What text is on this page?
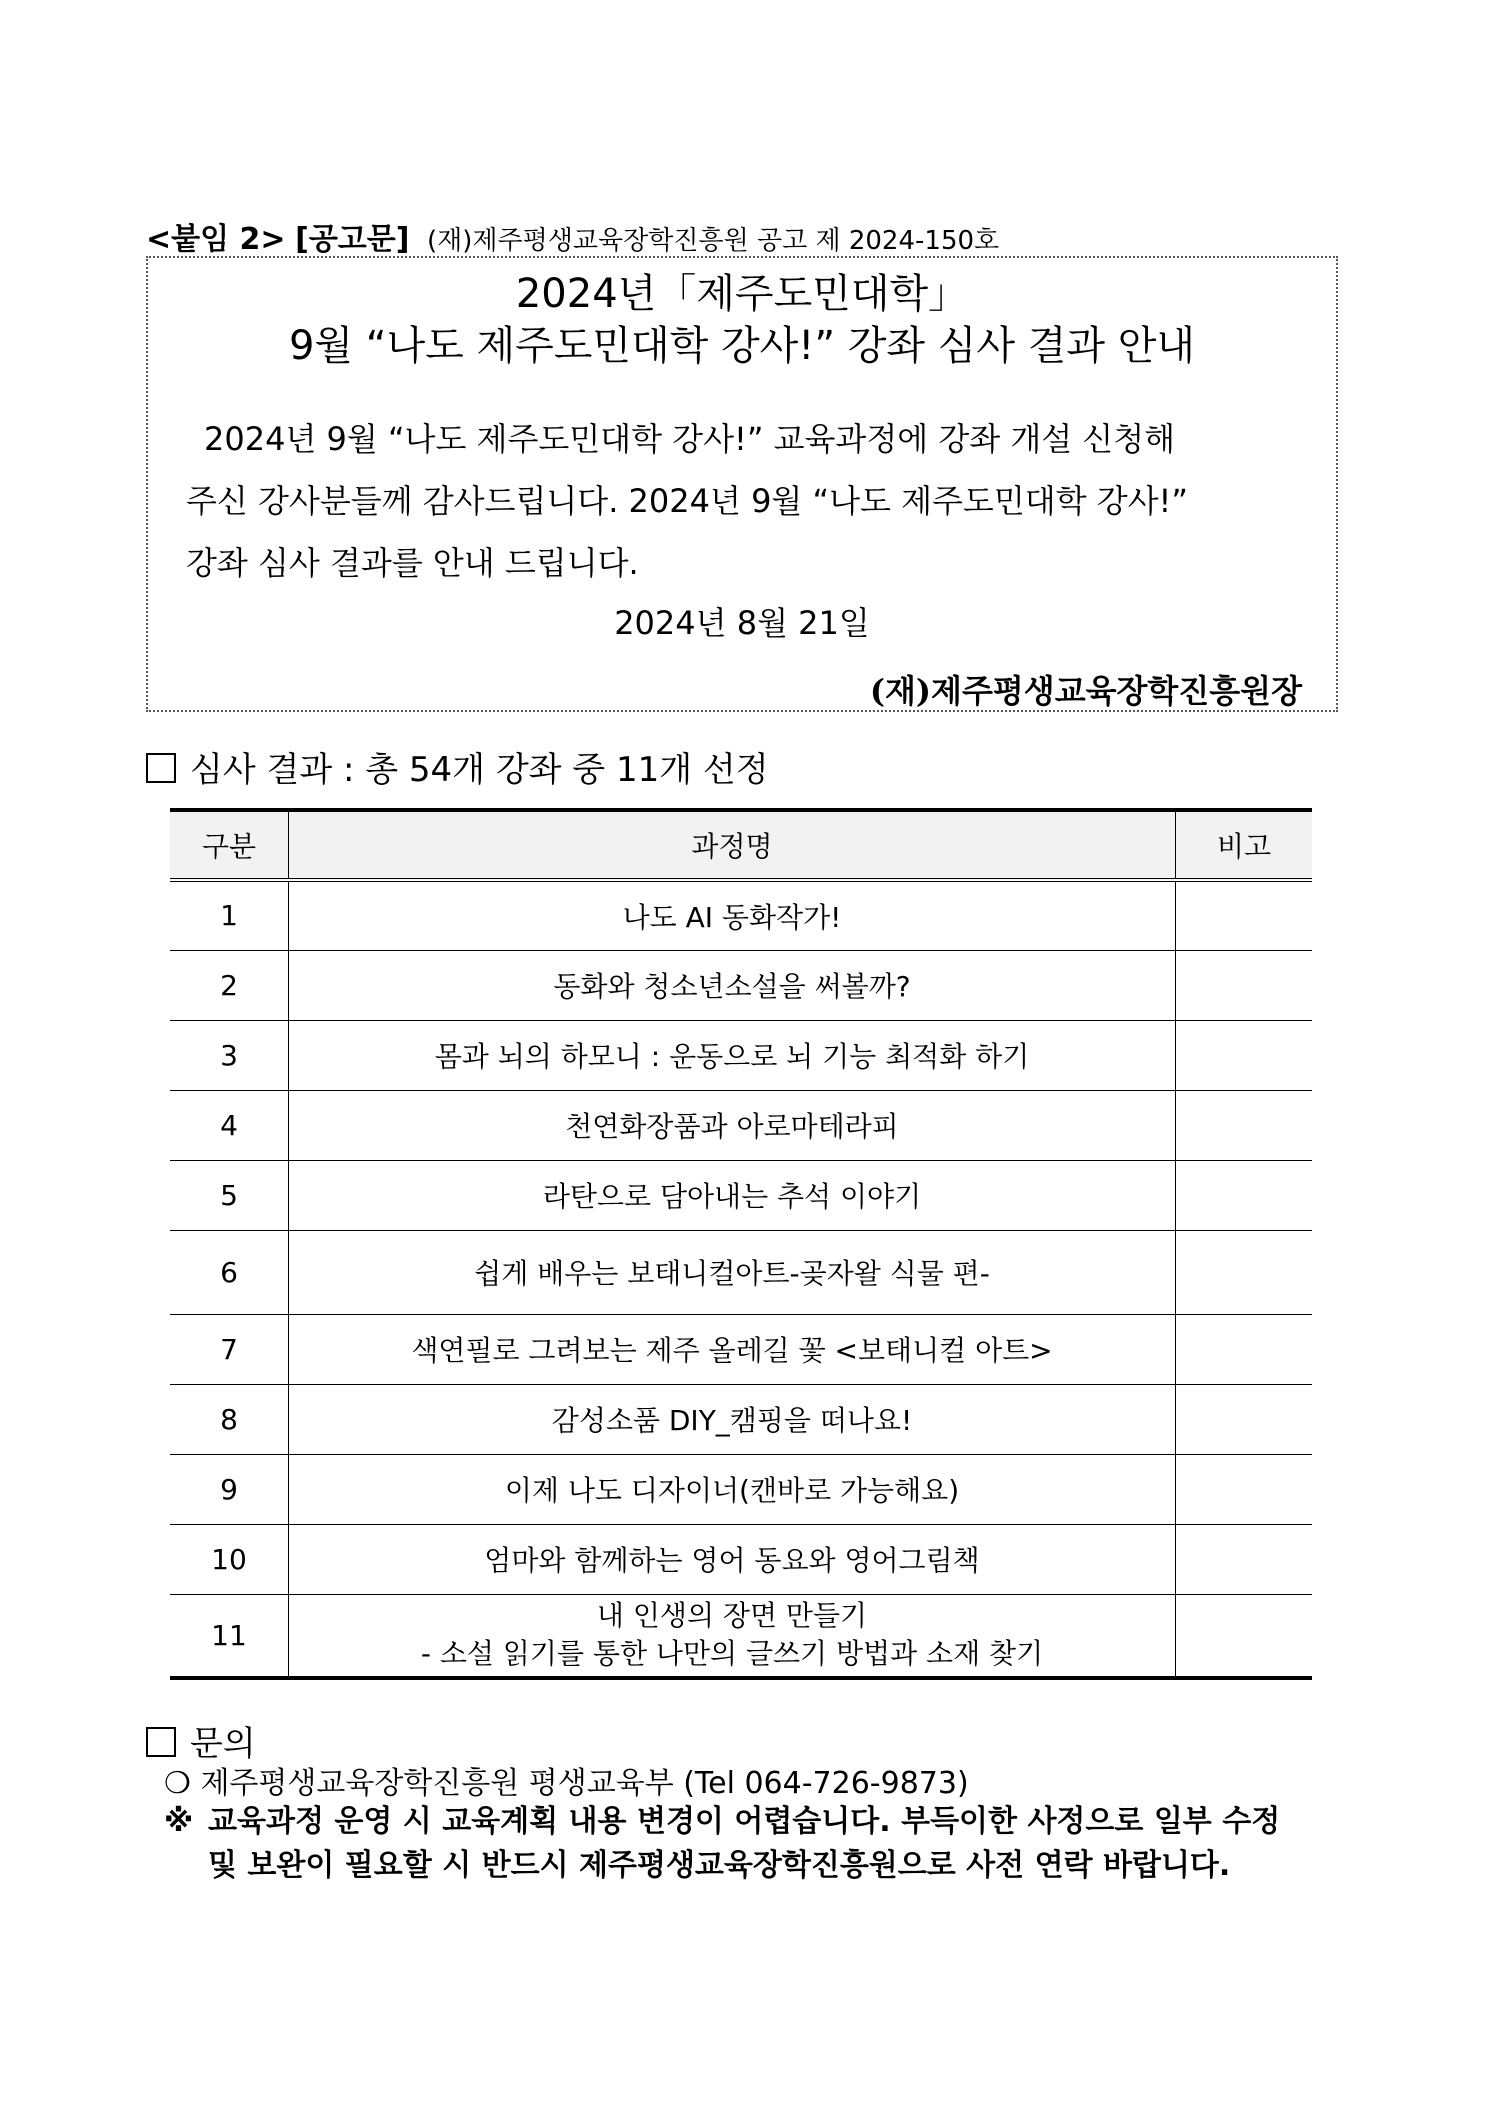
<붙임 2> [공고문] (재)제주평생교육장학진흥원 공고 제 2024-150호
2024년「제주도민대학」
9월 “나도 제주도민대학 강사!” 강좌 심사 결과 안내
2024년 9월 “나도 제주도민대학 강사!” 교육과정에 강좌 개설 신청해
주신 강사분들께 감사드립니다. 2024년 9월 “나도 제주도민대학 강사!”
강좌 심사 결과를 안내 드립니다.
2024년 8월 21일
(재)제주평생교육장학진흥원장
심사 결과 : 총 54개 강좌 중 11개 선정
구분	과정명	비고
1	나도 AI 동화작가!	
2	동화와 청소년소설을 써볼까?	
3	몸과 뇌의 하모니 : 운동으로 뇌 기능 최적화 하기	
4	천연화장품과 아로마테라피	
5	라탄으로 담아내는 추석 이야기	
6	쉽게 배우는 보태니컬아트-곶자왈 식물 편-	
7	색연필로 그려보는 제주 올레길 꽃 <보태니컬 아트>	
8	감성소품 DIY_캠핑을 떠나요!	
9	이제 나도 디자이너(캔바로 가능해요)	
10	엄마와 함께하는 영어 동요와 영어그림책	
11	내 인생의 장면 만들기
- 소설 읽기를 통한 나만의 글쓰기 방법과 소재 찾기	

문의
❍ 제주평생교육장학진흥원 평생교육부 (Tel 064-726-9873)
※ 교육과정 운영 시 교육계획 내용 변경이 어렵습니다. 부득이한 사정으로 일부 수정
및 보완이 필요할 시 반드시 제주평생교육장학진흥원으로 사전 연락 바랍니다.
